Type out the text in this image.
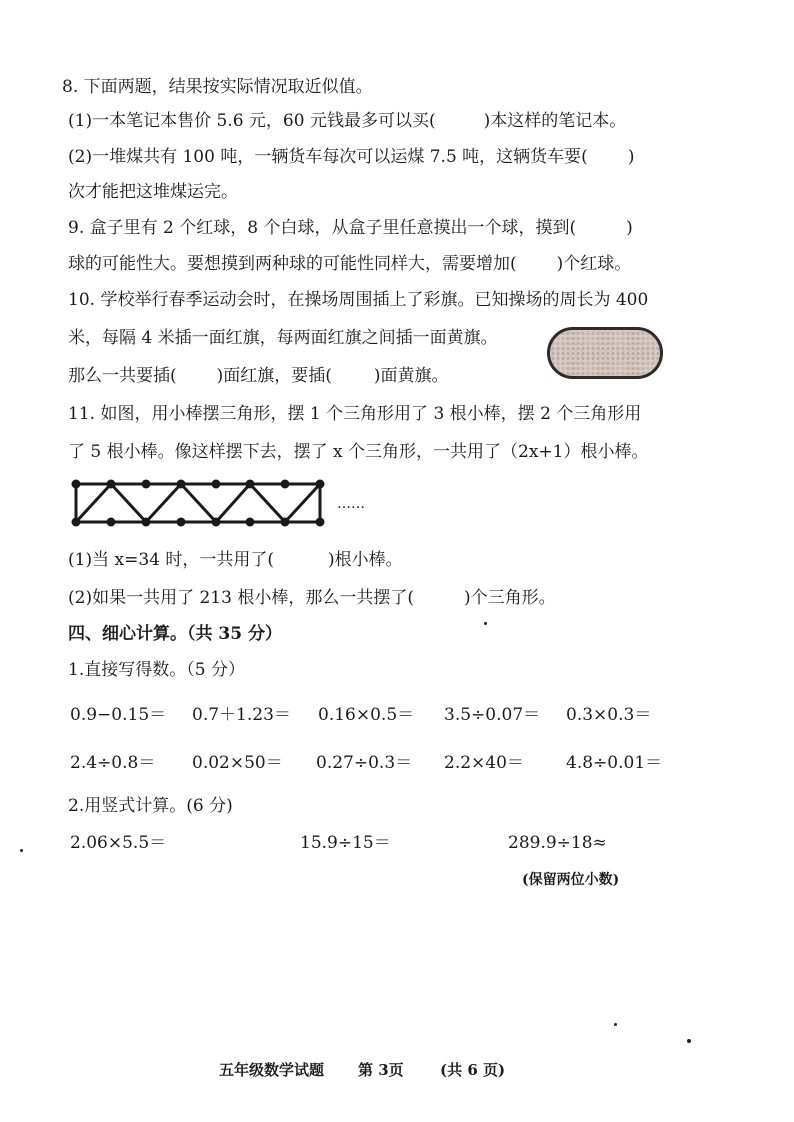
8. 下面两题，结果按实际情况取近似值。
(1)一本笔记本售价 5.6 元，60 元钱最多可以买(	)本这样的笔记本。
(2)一堆煤共有 100 吨，一辆货车每次可以运煤 7.5 吨，这辆货车要( )
次才能把这堆煤运完。
9. 盒子里有 2 个红球，8 个白球，从盒子里任意摸出一个球，摸到(	)
球的可能性大。要想摸到两种球的可能性同样大，需要增加( )个红球。
10. 学校举行春季运动会时，在操场周围插上了彩旗。已知操场的周长为 400
米，每隔 4 米插一面红旗，每两面红旗之间插一面黄旗。
那么一共要插( )面红旗，要插( )面黄旗。
11. 如图，用小棒摆三角形，摆 1 个三角形用了 3 根小棒，摆 2 个三角形用
了 5 根小棒。像这样摆下去，摆了 x 个三角形，一共用了（2x+1）根小棒。
……
(1)当 x=34 时，一共用了(	)根小棒。
(2)如果一共用了 213 根小棒，那么一共摆了(	)个三角形。
四、细心计算。（共 35 分）
1.直接写得数。（5 分）
0.9−0.15＝ 0.7＋1.23＝ 0.16×0.5＝ 3.5÷0.07＝ 0.3×0.3＝
2.4÷0.8＝ 0.02×50＝ 0.27÷0.3＝ 2.2×40＝ 4.8÷0.01＝
2.用竖式计算。(6 分)
2.06×5.5＝	15.9÷15＝	289.9÷18≈
(保留两位小数)
五年级数学试题 第 3页 (共 6 页)
